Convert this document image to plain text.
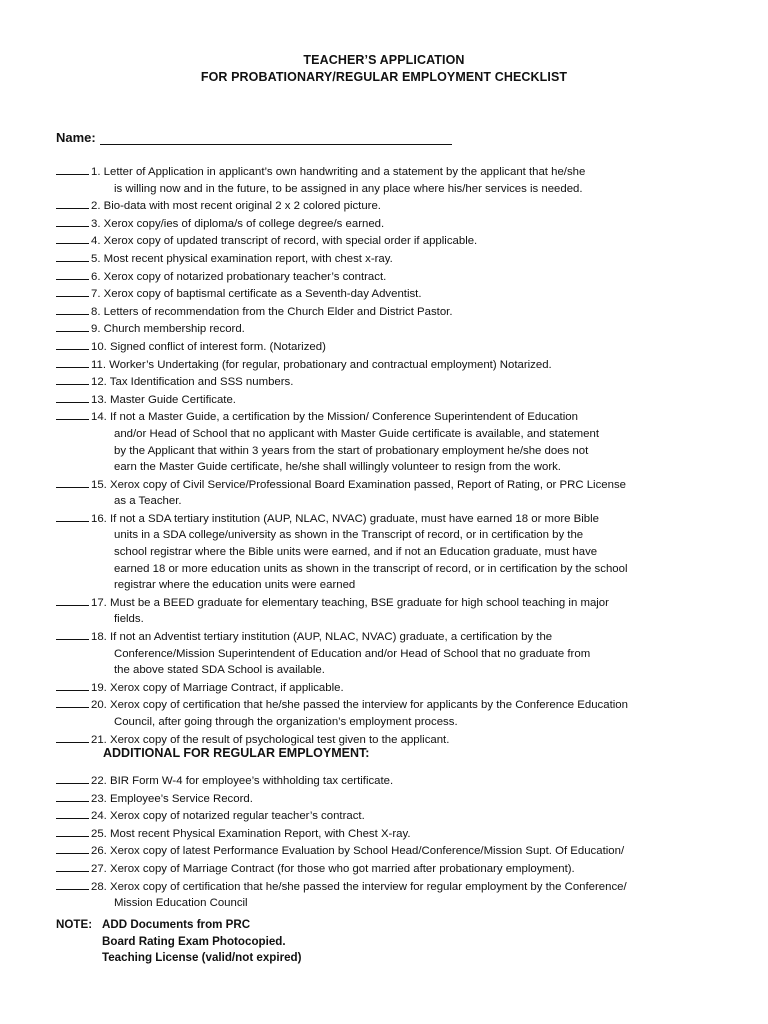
TEACHER’S APPLICATION
FOR PROBATIONARY/REGULAR EMPLOYMENT CHECKLIST
Name:
1. Letter of Application in applicant’s own handwriting and a statement by the applicant that he/she
is willing now and in the future, to be assigned in any place where his/her services is needed.
2. Bio-data with most recent original 2 x 2 colored picture.
3. Xerox copy/ies of diploma/s of college degree/s earned.
4. Xerox copy of updated transcript of record, with special order if applicable.
5. Most recent physical examination report, with chest x-ray.
6. Xerox copy of notarized probationary teacher’s contract.
7. Xerox copy of baptismal certificate as a Seventh-day Adventist.
8. Letters of recommendation from the Church Elder and District Pastor.
9. Church membership record.
10. Signed conflict of interest form. (Notarized)
11. Worker’s Undertaking (for regular, probationary and contractual employment) Notarized.
12. Tax Identification and SSS numbers.
13. Master Guide Certificate.
14. If not a Master Guide, a certification by the Mission/ Conference Superintendent of Education
and/or Head of School that no applicant with Master Guide certificate is available, and statement
by the Applicant that within 3 years from the start of probationary employment he/she does not
earn the Master Guide certificate, he/she shall willingly volunteer to resign from the work.
15. Xerox copy of Civil Service/Professional Board Examination passed, Report of Rating, or PRC License
as a Teacher.
16. If not a SDA tertiary institution (AUP, NLAC, NVAC) graduate, must have earned 18 or more Bible
units in a SDA college/university as shown in the Transcript of record, or in certification by the
school registrar where the Bible units were earned, and if not an Education graduate, must have
earned 18 or more education units as shown in the transcript of record, or in certification by the school
registrar where the education units were earned
17. Must be a BEED graduate for elementary teaching, BSE graduate for high school teaching in major
fields.
18. If not an Adventist tertiary institution (AUP, NLAC, NVAC) graduate, a certification by the
Conference/Mission Superintendent of Education and/or Head of School that no graduate from
the above stated SDA School is available.
19. Xerox copy of Marriage Contract, if applicable.
20. Xerox copy of certification that he/she passed the interview for applicants by the Conference Education
Council, after going through the organization’s employment process.
21. Xerox copy of the result of psychological test given to the applicant.
ADDITIONAL FOR REGULAR EMPLOYMENT:
22. BIR Form W-4 for employee’s withholding tax certificate.
23. Employee’s Service Record.
24. Xerox copy of notarized regular teacher’s contract.
25. Most recent Physical Examination Report, with Chest X-ray.
26. Xerox copy of latest Performance Evaluation by School Head/Conference/Mission Supt. Of Education/
27. Xerox copy of Marriage Contract (for those who got married after probationary employment).
28. Xerox copy of certification that he/she passed the interview for regular employment by the Conference/
Mission Education Council
NOTE: ADD Documents from PRC
Board Rating Exam Photocopied.
Teaching License (valid/not expired)
